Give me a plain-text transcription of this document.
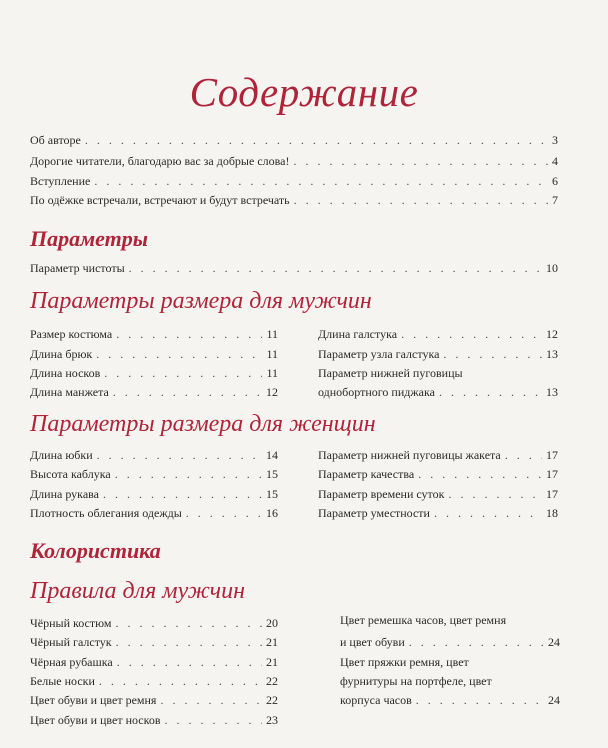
Содержание
Об авторе . . .	3
Дорогие читатели, благодарю вас за добрые слова! . . .	4
Вступление . . .	6
По одёжке встречали, встречают и будут встречать . . .	7
Параметры
Параметр чистоты . . .	10
Параметры размера для мужчин
Размер костюма . . .	11
Длина брюк . . .	11
Длина носков . . .	11
Длина манжета . . .	12
Длина галстука . . .	12
Параметр узла галстука . . .	13
Параметр нижней пуговицы
однобортного пиджака . . .	13
Параметры размера для женщин
Длина юбки . . .	14
Высота каблука . . .	15
Длина рукава . . .	15
Плотность облегания одежды . . .	16
Параметр нижней пуговицы жакета . . .	17
Параметр качества . . .	17
Параметр времени суток . . .	17
Параметр уместности . . .	18
Колористика
Правила для мужчин
Чёрный костюм . . .	20
Чёрный галстук . . .	21
Чёрная рубашка . . .	21
Белые носки . . .	22
Цвет обуви и цвет ремня . . .	22
Цвет обуви и цвет носков . . .	23
Цвет ремешка часов, цвет ремня
и цвет обуви . . .	24
Цвет пряжки ремня, цвет
фурнитуры на портфеле, цвет
корпуса часов . . .	24
